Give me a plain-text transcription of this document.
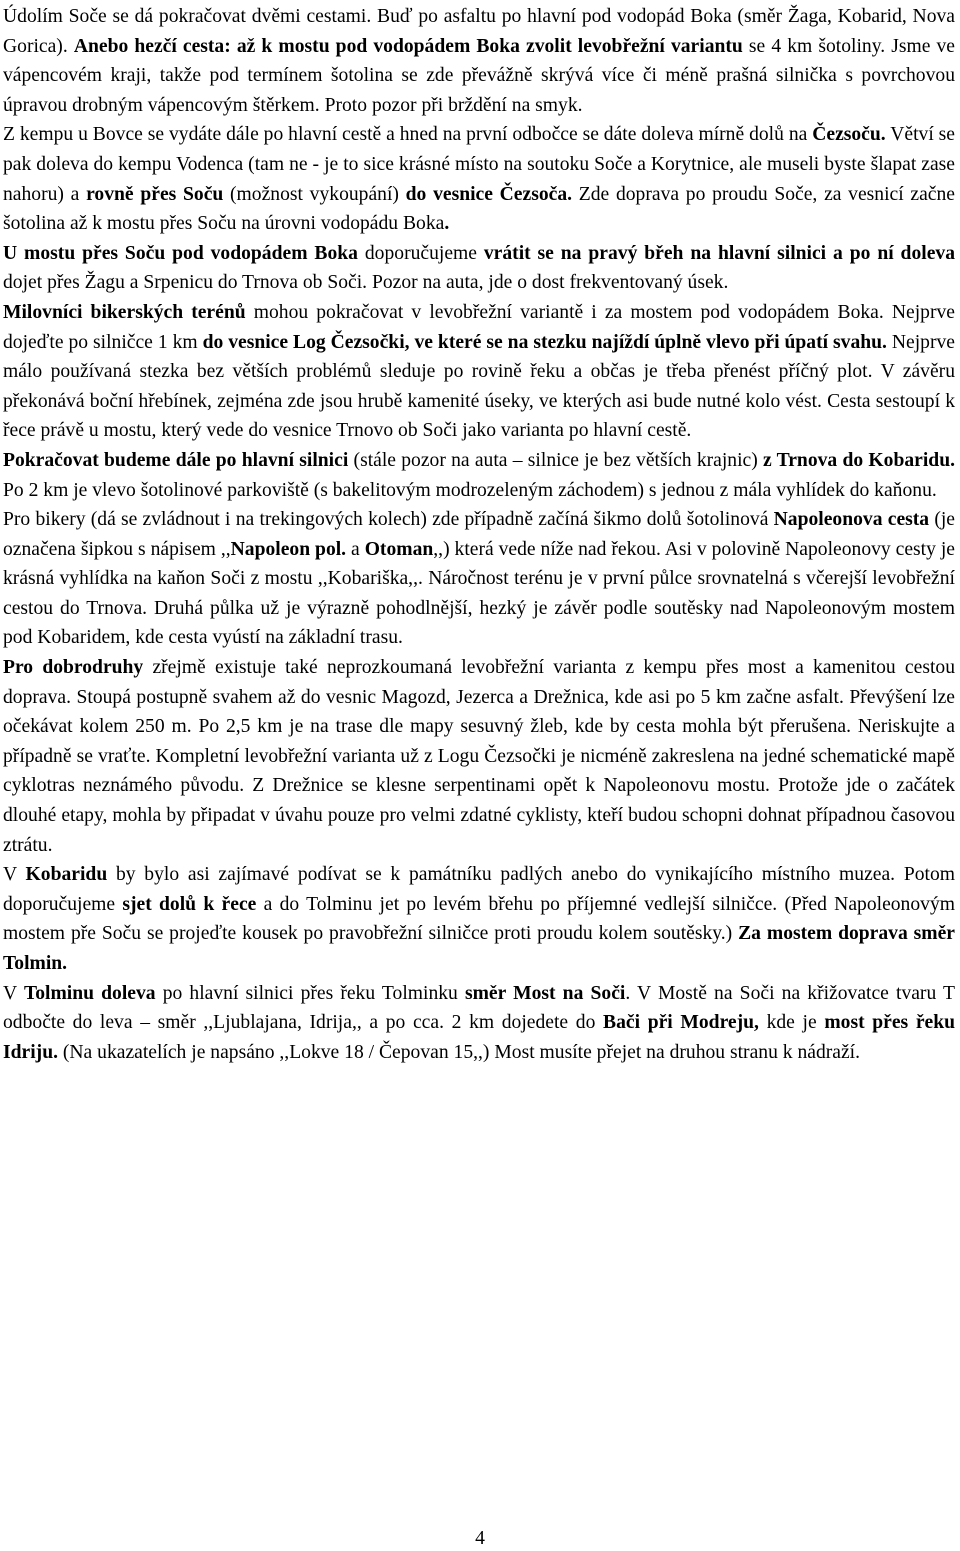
Údolím Soče se dá pokračovat dvěmi cestami. Buď po asfaltu po hlavní pod vodopád Boka (směr Žaga, Kobarid, Nova Gorica). Anebo hezčí cesta: až k mostu pod vodopádem Boka zvolit levobřežní variantu se 4 km šotoliny. Jsme ve vápencovém kraji, takže pod termínem šotolina se zde převážně skrývá více či méně prašná silnička s povrchovou úpravou drobným vápencovým štěrkem. Proto pozor při brždění na smyk.

Z kempu u Bovce se vydáte dále po hlavní cestě a hned na první odbočce se dáte doleva mírně dolů na Čezsoču. Větví se pak doleva do kempu Vodenca (tam ne - je to sice krásné místo na soutoku Soče a Korytnice, ale museli byste šlapat zase nahoru) a rovně přes Soču (možnost vykoupání) do vesnice Čezsoča. Zde doprava po proudu Soče, za vesnicí začne šotolina až k mostu přes Soču na úrovni vodopádu Boka.

U mostu přes Soču pod vodopádem Boka doporučujeme vrátit se na pravý břeh na hlavní silnici a po ní doleva dojet přes Žagu a Srpenicu do Trnova ob Soči. Pozor na auta, jde o dost frekventovaný úsek.

Milovníci bikerských terénů mohou pokračovat v levobřežní variantě i za mostem pod vodopádem Boka. Nejprve dojeďte po silničce 1 km do vesnice Log Čezsočki, ve které se na stezku najíždí úplně vlevo při úpatí svahu. Nejprve málo používaná stezka bez větších problémů sleduje po rovině řeku a občas je třeba přenést příčný plot. V závěru překonává boční hřebínek, zejména zde jsou hrubě kamenité úseky, ve kterých asi bude nutné kolo vést. Cesta sestoupí k řece právě u mostu, který vede do vesnice Trnovo ob Soči jako varianta po hlavní cestě.

Pokračovat budeme dále po hlavní silnici (stále pozor na auta – silnice je bez větších krajnic) z Trnova do Kobaridu. Po 2 km je vlevo šotolinové parkoviště (s bakelitovým modrozeleným záchodem) s jednou z mála vyhlídek do kaňonu.

Pro bikery (dá se zvládnout i na trekingových kolech) zde případně začíná šikmo dolů šotolinová Napoleonova cesta (je označena šipkou s nápisem ,,Napoleon pol. a Otoman,,) která vede níže nad řekou. Asi v polovině Napoleonovy cesty je krásná vyhlídka na kaňon Soči z mostu ,,Kobariška,,. Náročnost terénu je v první půlce srovnatelná s včerejší levobřežní cestou do Trnova. Druhá půlka už je výrazně pohodlnější, hezký je závěr podle soutěsky nad Napoleonovým mostem pod Kobaridem, kde cesta vyústí na základní trasu.

Pro dobrodruhy zřejmě existuje také neprozkoumaná levobřežní varianta z kempu přes most a kamenitou cestou doprava. Stoupá postupně svahem až do vesnic Magozd, Jezerca a Drežnica, kde asi po 5 km začne asfalt. Převýšení lze očekávat kolem 250 m. Po 2,5 km je na trase dle mapy sesuvný žleb, kde by cesta mohla být přerušena. Neriskujte a případně se vraťte. Kompletní levobřežní varianta už z Logu Čezsočki je nicméně zakreslena na jedné schematické mapě cyklotras neznámého původu. Z Drežnice se klesne serpentinami opět k Napoleonovu mostu. Protože jde o začátek dlouhé etapy, mohla by připadat v úvahu pouze pro velmi zdatné cyklisty, kteří budou schopni dohnat případnou časovou ztrátu.

V Kobaridu by bylo asi zajímavé podívat se k památníku padlých anebo do vynikajícího místního muzea. Potom doporučujeme sjet dolů k řece a do Tolminu jet po levém břehu po příjemné vedlejší silničce. (Před Napoleonovým mostem pře Soču se projeďte kousek po pravobřežní silničce proti proudu kolem soutěsky.) Za mostem doprava směr Tolmin.

V Tolminu doleva po hlavní silnici přes řeku Tolminku směr Most na Soči. V Mostě na Soči na křižovatce tvaru T odbočte do leva – směr ,,Ljublajana, Idrija,, a po cca. 2 km dojedete do Bači při Modreju, kde je most přes řeku Idriju. (Na ukazatelích je napsáno ,,Lokve 18 / Čepovan 15,,) Most musíte přejet na druhou stranu k nádraží.

4
